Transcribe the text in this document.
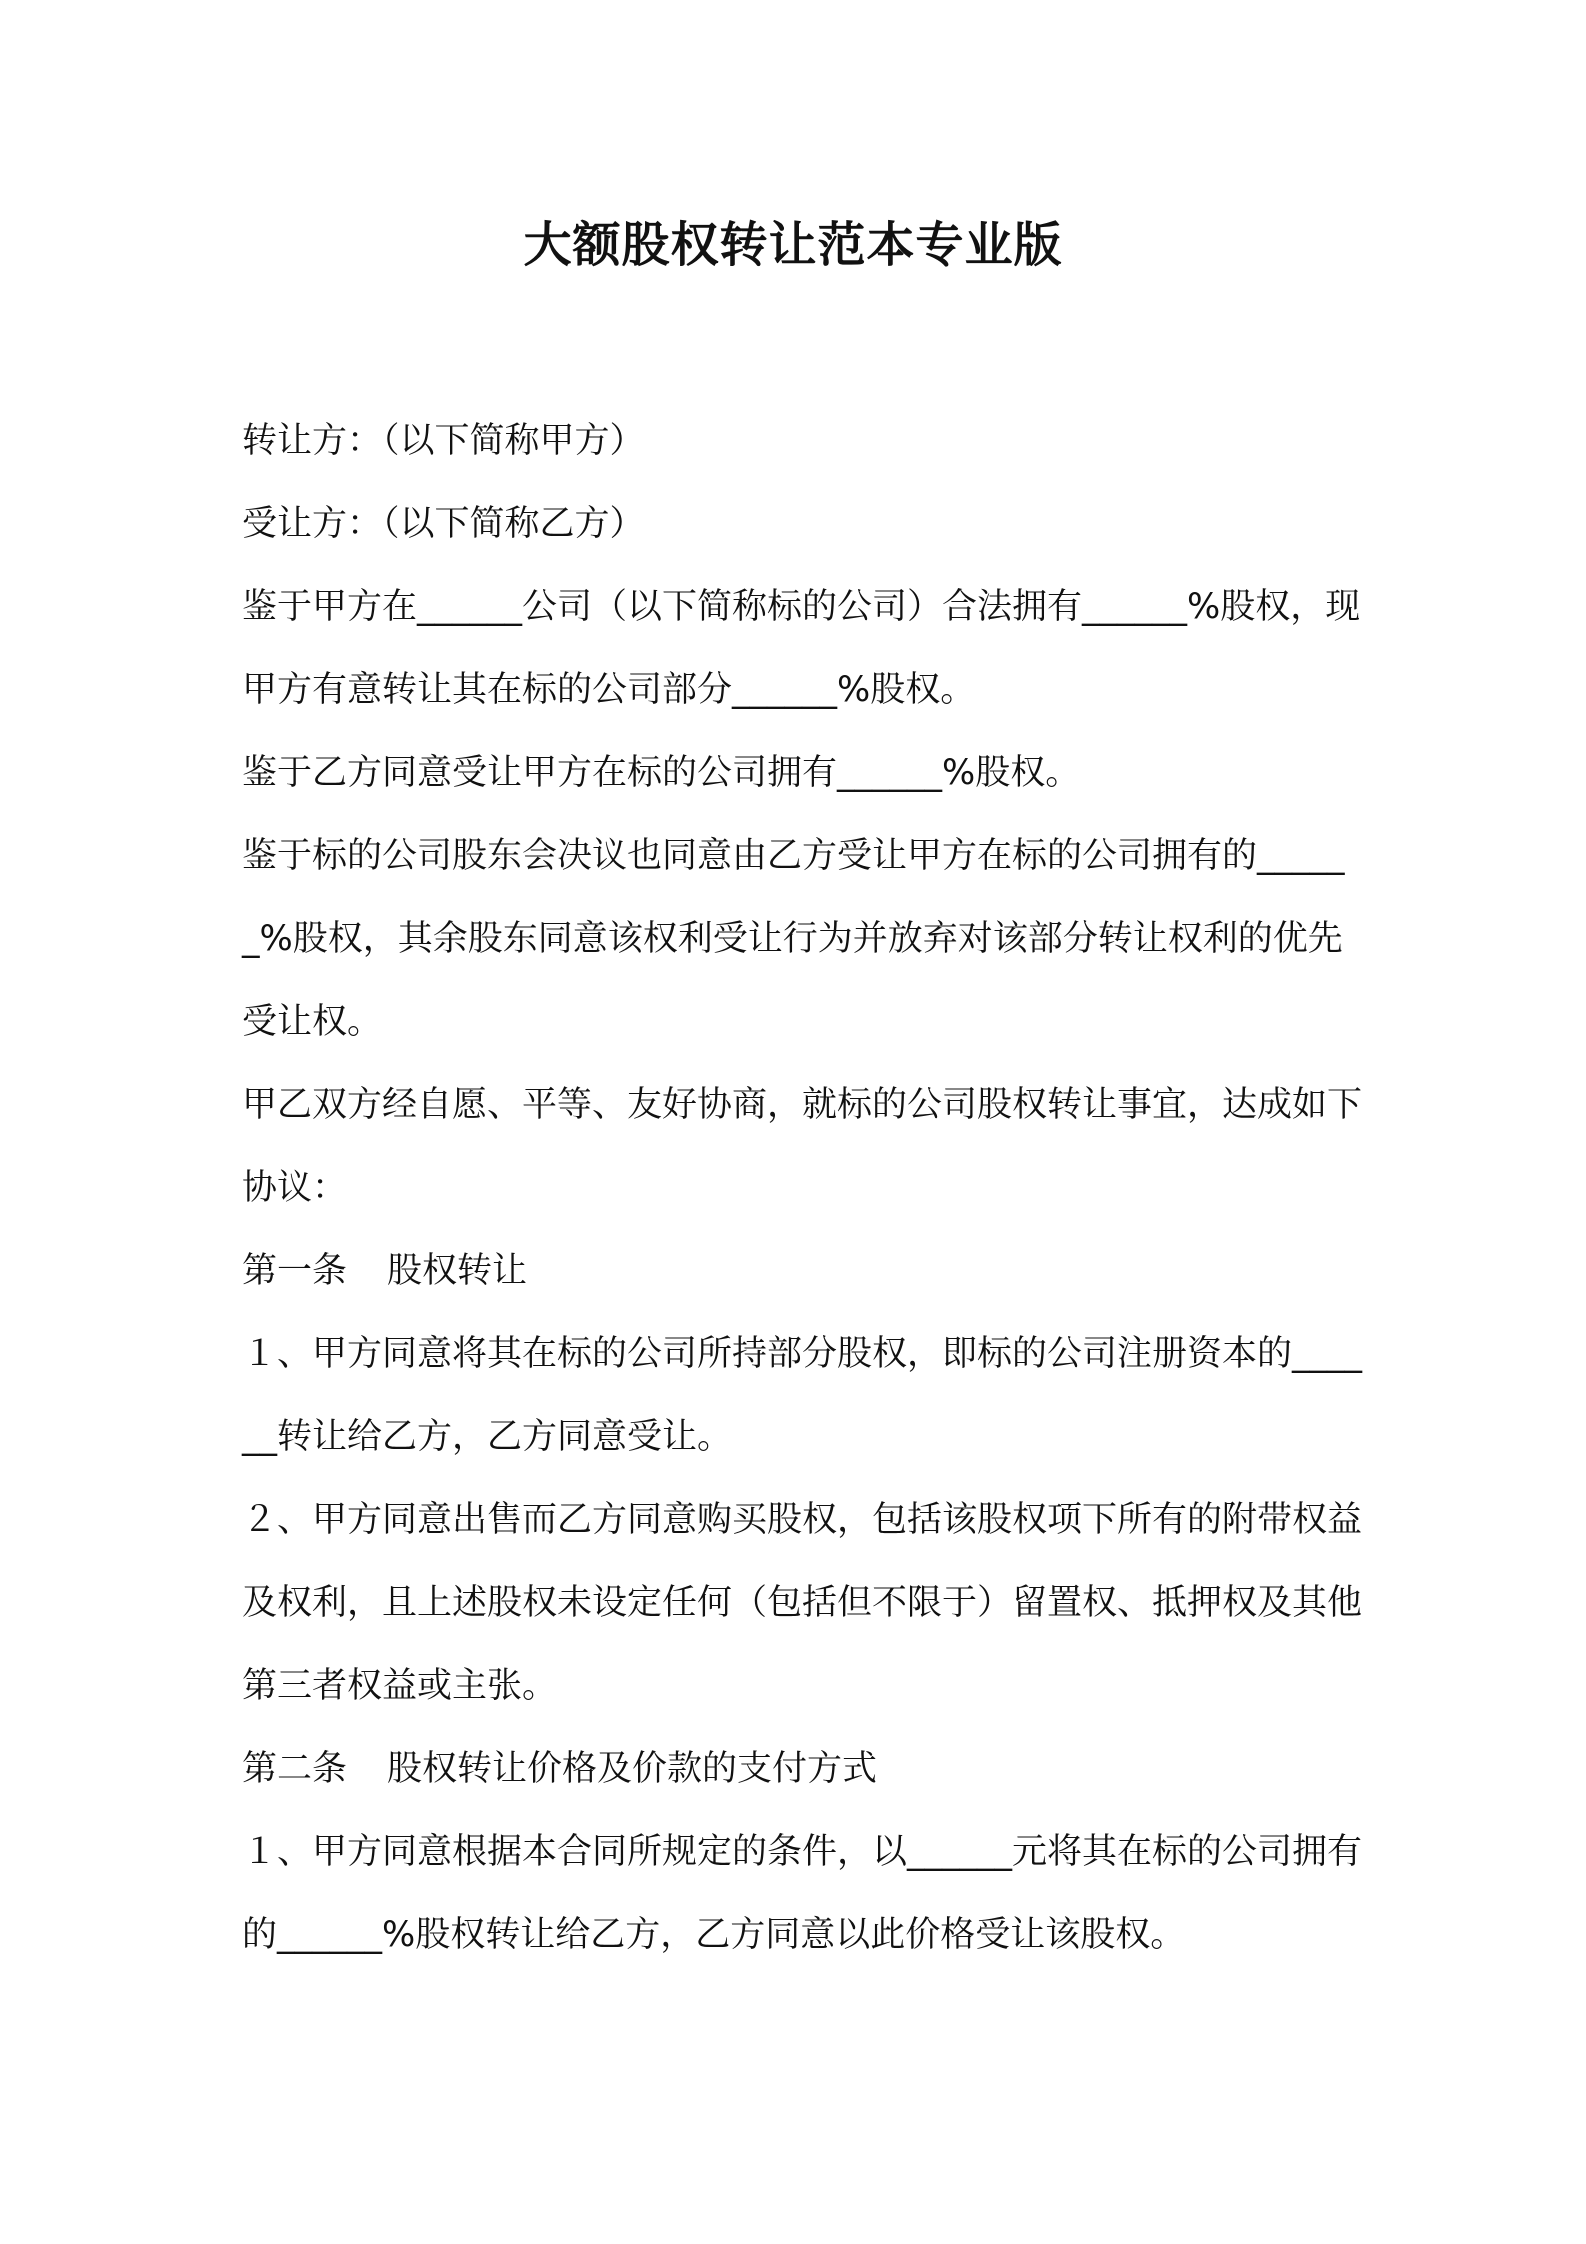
大额股权转让范本专业版

转让方：（以下简称甲方）

受让方：（以下简称乙方）

鉴于甲方在______公司（以下简称标的公司）合法拥有______%股权，现甲方有意转让其在标的公司部分______%股权。

鉴于乙方同意受让甲方在标的公司拥有______%股权。

鉴于标的公司股东会决议也同意由乙方受让甲方在标的公司拥有的______%股权，其余股东同意该权利受让行为并放弃对该部分转让权利的优先受让权。

甲乙双方经自愿、平等、友好协商，就标的公司股权转让事宜，达成如下协议：

第一条 股权转让

１、甲方同意将其在标的公司所持部分股权，即标的公司注册资本的______转让给乙方，乙方同意受让。

２、甲方同意出售而乙方同意购买股权，包括该股权项下所有的附带权益及权利，且上述股权未设定任何（包括但不限于）留置权、抵押权及其他第三者权益或主张。

第二条 股权转让价格及价款的支付方式

１、甲方同意根据本合同所规定的条件，以______元将其在标的公司拥有的______%股权转让给乙方，乙方同意以此价格受让该股权。
